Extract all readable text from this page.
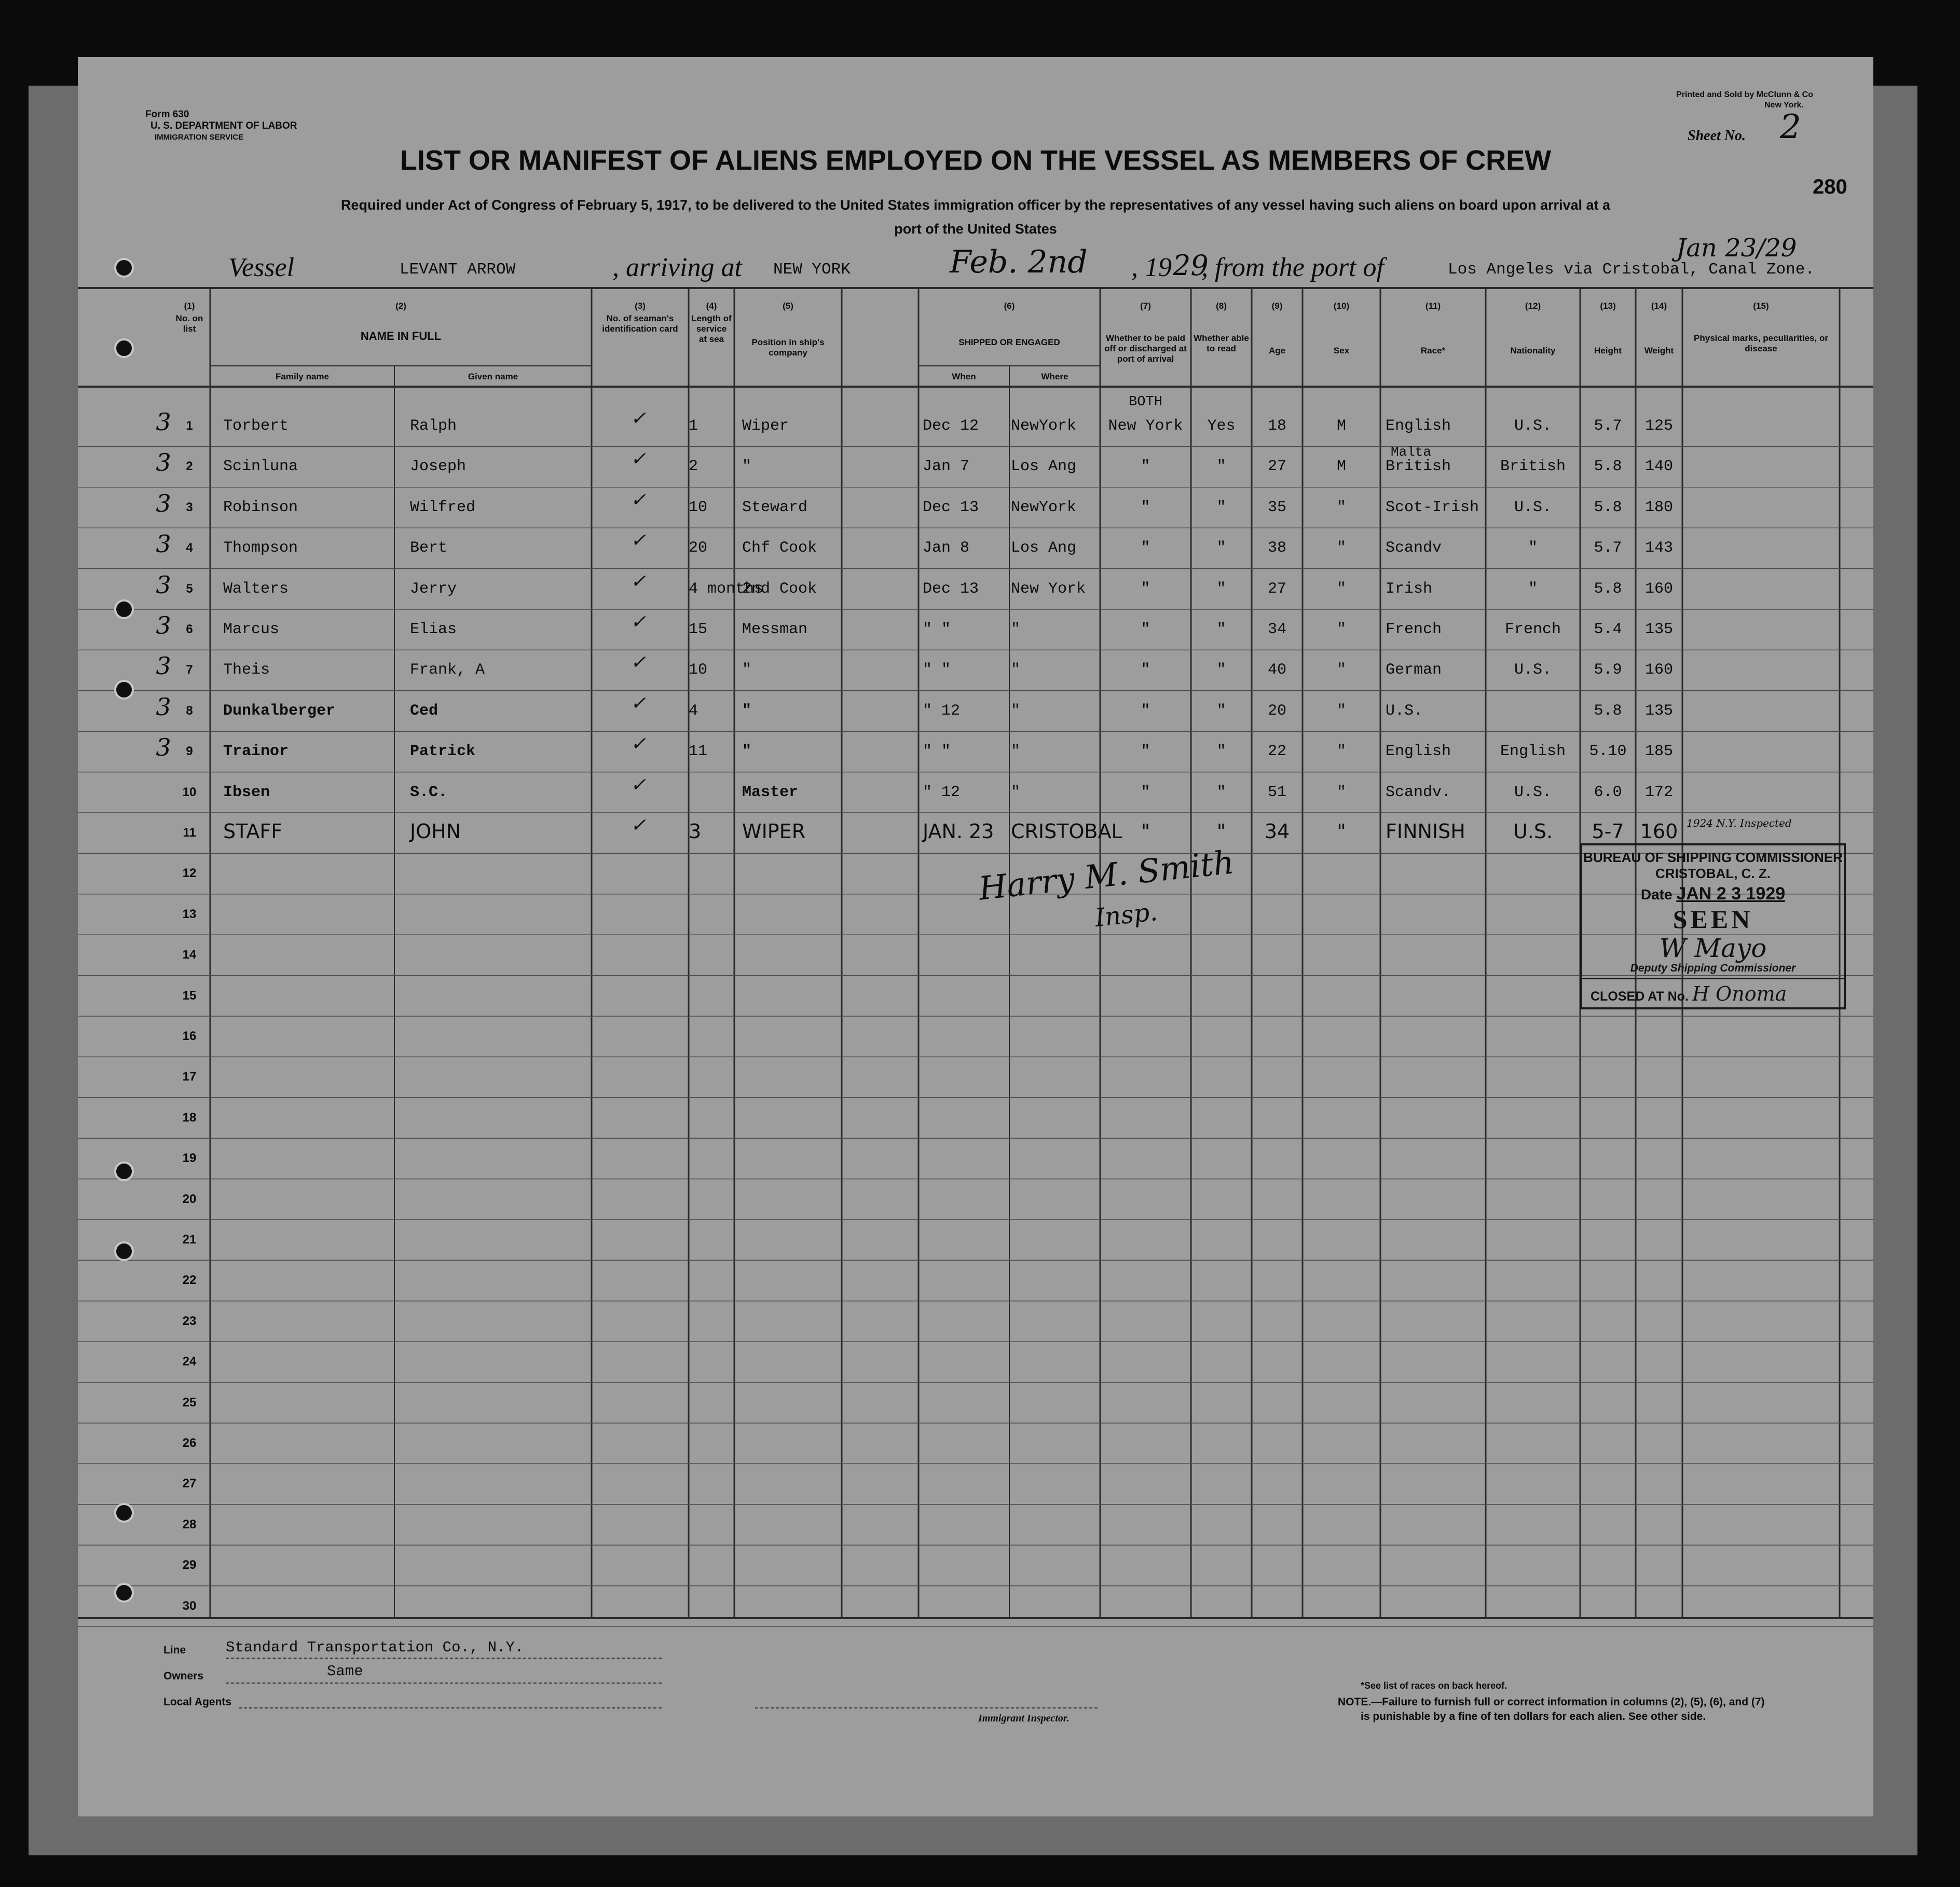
Form 630
U. S. DEPARTMENT OF LABOR
IMMIGRATION SERVICE
Printed and Sold by McClunn & Co
New York.
Sheet No. 2
280
LIST OR MANIFEST OF ALIENS EMPLOYED ON THE VESSEL AS MEMBERS OF CREW
Required under Act of Congress of February 5, 1917, to be delivered to the United States immigration officer by the representatives of any vessel having such aliens on board upon arrival at a
port of the United States
Vessel	LEVANT ARROW	, arriving at NEW YORK	Feb. 2nd , 19 29
, from the port of	Los Angeles via Cristobal, Canal Zone.
Jan 23/29
(1)
No. on list
(2)
NAME IN FULL
Family name	Given name
(3)
No. of seaman's identification card
(4)
Length of service at sea
(5)
Position in ship's company
(6)
SHIPPED OR ENGAGED
When	Where
(7)
Whether to be paid off or discharged at port of arrival
(8)
Whether able to read
(9)
Age
(10)
Sex
(11)
Race*
(12)
Nationality
(13)
Height
(14)
Weight
(15)
Physical marks, peculiarities, or disease
BOTH
1
2
3
4
5
6
7
8
9
10
11
12
13
14
15
16
17
18
19
20
21
22
23
24
25
26
27
28
29
30
3	✓
Torbert	Ralph	1	Wiper	Dec 12	NewYork	New York	Yes	18	M	English	U.S.	5.7	125
3	✓
Scinluna	Joseph	2	"	Jan 7	Los Ang	"	"	27	M	British	British	5.8	140
Malta
3	✓
Robinson	Wilfred	10	Steward	Dec 13	NewYork	"	"	35	"	Scot-Irish	U.S.	5.8	180
3	✓
Thompson	Bert	20	Chf Cook	Jan 8	Los Ang	"	"	38	"	Scandv	"	5.7	143
3	✓
Walters	Jerry	4 months
2nd Cook	Dec 13	New York	"	"	27	"	Irish	"	5.8	160
3	✓
Marcus	Elias	15	Messman	" "	"	"	"	34	"	French	French	5.4	135
3	✓
Theis	Frank, A	10	"	" "	"	"	"	40	"	German	U.S.	5.9	160
3	✓
Dunkalberger	Ced	4	"	" 12	"	"	"	20	"	U.S.	5.8	135
3	✓
Trainor	Patrick	11	"	" "	"	"	"	22	"	English	English	5.10	185
✓
Ibsen	S.C.	Master	" 12	"	"	"	51	"	Scandv.	U.S.	6.0	172
✓
STAFF	JOHN	3	WIPER	JAN. 23 CRISTOBAL "	"	34	"	FINNISH	U.S.	5-7 160 1924 N.Y. Inspected
Harry M. Smith
Insp.
BUREAU OF SHIPPING COMMISSIONER
CRISTOBAL, C. Z.
Date JAN 2 3 1929
SEEN
W Mayo
Deputy Shipping Commissioner
CLOSED AT No. H Onoma
Line	Standard Transportation Co., N.Y.
Owners	Same
Local Agents
Immigrant Inspector.
*See list of races on back hereof.
NOTE.—Failure to furnish full or correct information in columns (2), (5), (6), and (7)
is punishable by a fine of ten dollars for each alien. See other side.
